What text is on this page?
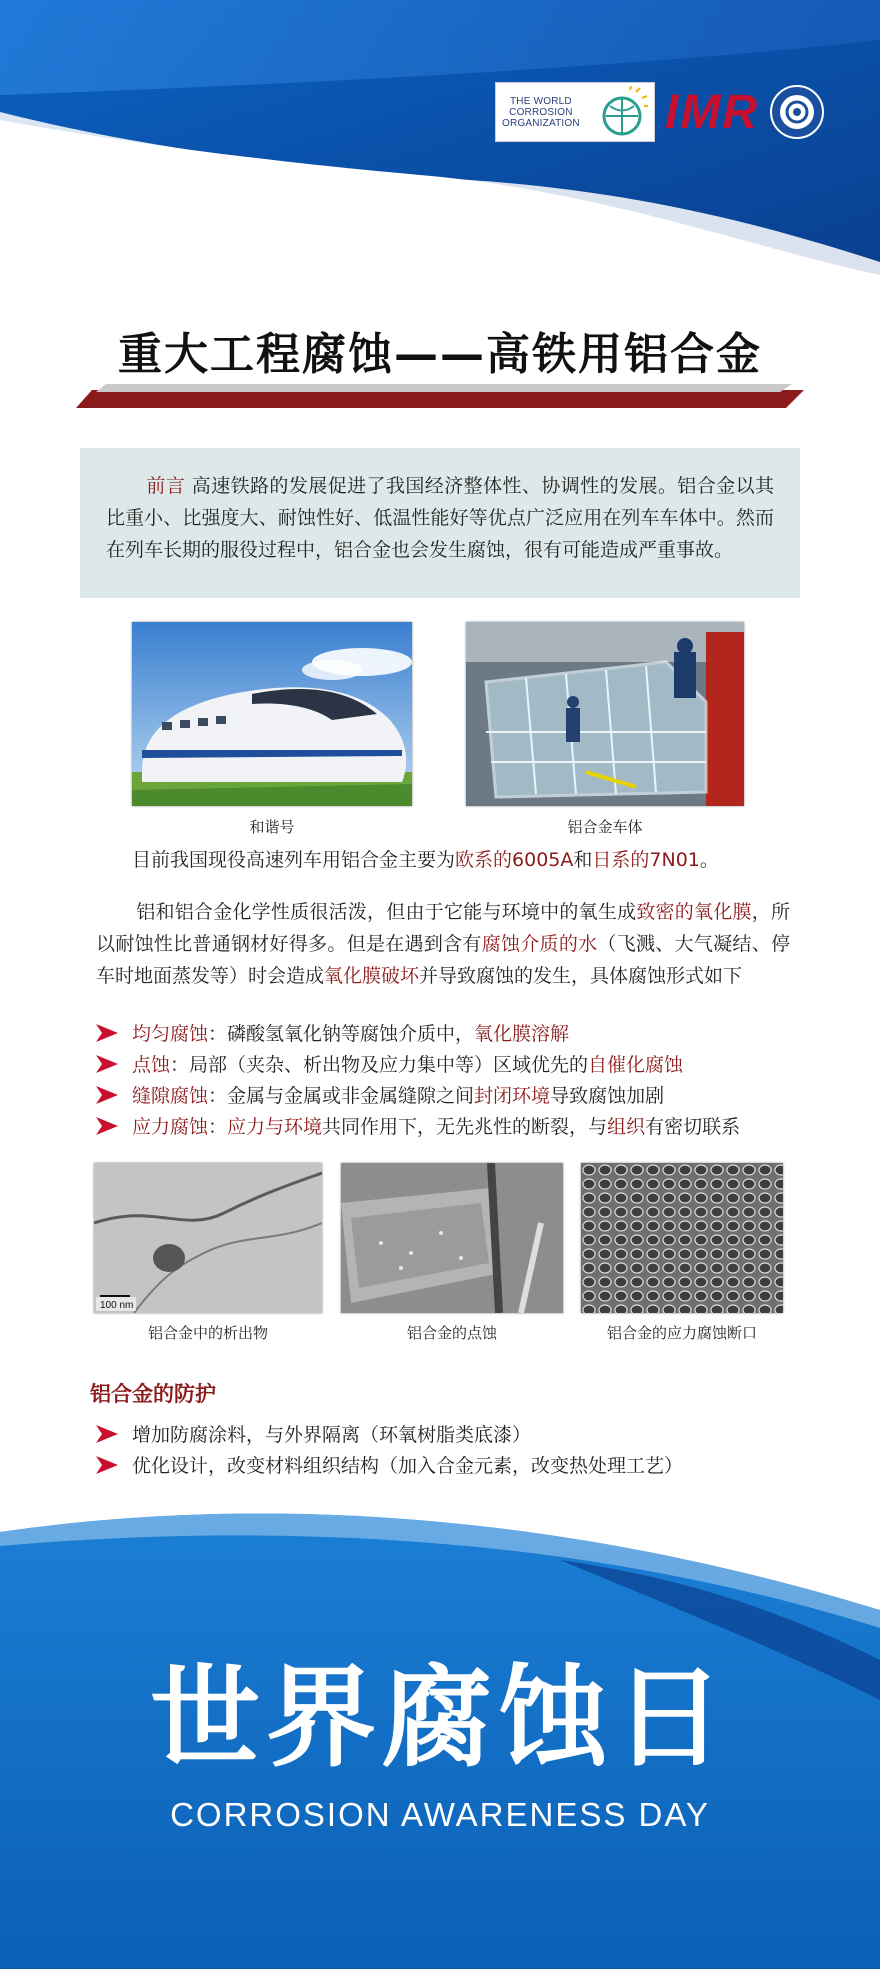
THE WORLD
CORROSION
ORGANIZATION IMR
重大工程腐蚀——高铁用铝合金
前言 高速铁路的发展促进了我国经济整体性、协调性的发展。铝合金以其比重小、比强度大、耐蚀性好、低温性能好等优点广泛应用在列车车体中。然而在列车长期的服役过程中，铝合金也会发生腐蚀，很有可能造成严重事故。
和谐号	铝合金车体
目前我国现役高速列车用铝合金主要为欧系的6005A和日系的7N01。
铝和铝合金化学性质很活泼，但由于它能与环境中的氧生成致密的氧化膜，所以耐蚀性比普通钢材好得多。但是在遇到含有腐蚀介质的水（飞溅、大气凝结、停车时地面蒸发等）时会造成氧化膜破坏并导致腐蚀的发生，具体腐蚀形式如下
均匀腐蚀 ： 磷酸氢氧化钠等腐蚀介质中， 氧化膜溶解
点蚀 ： 局部（夹杂、析出物及应力集中等）区域优先的 自催化腐蚀
缝隙腐蚀 ： 金属与金属或非金属缝隙之间 封闭环境 导致腐蚀加剧
应力腐蚀 ： 应力与环境 共同作用下，无先兆性的断裂，与 组织 有密切联系
100 nm
铝合金中的析出物	铝合金的点蚀	铝合金的应力腐蚀断口
铝合金的防护
增加防腐涂料，与外界隔离（环氧树脂类底漆）
优化设计，改变材料组织结构（加入合金元素，改变热处理工艺）
世界腐蚀日
CORROSION AWARENESS DAY
